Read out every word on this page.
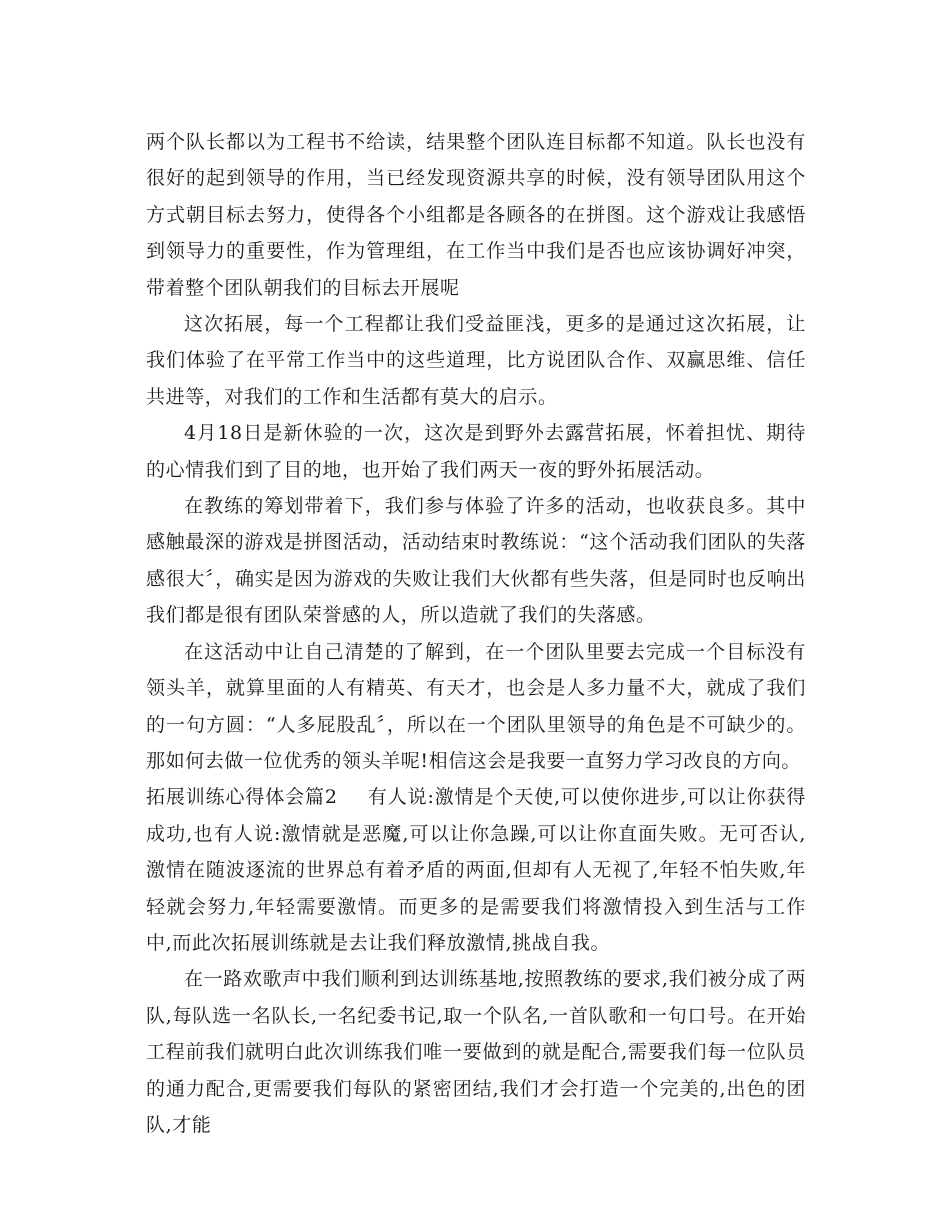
两个队长都以为工程书不给读，结果整个团队连目标都不知道。队长也没有很好的起到领导的作用，当已经发现资源共享的时候，没有领导团队用这个方式朝目标去努力，使得各个小组都是各顾各的在拼图。这个游戏让我感悟到领导力的重要性，作为管理组，在工作当中我们是否也应该协调好冲突，带着整个团队朝我们的目标去开展呢

这次拓展，每一个工程都让我们受益匪浅，更多的是通过这次拓展，让我们体验了在平常工作当中的这些道理，比方说团队合作、双赢思维、信任共进等，对我们的工作和生活都有莫大的启示。

4月18日是新休验的一次，这次是到野外去露营拓展，怀着担忧、期待的心情我们到了目的地，也开始了我们两天一夜的野外拓展活动。

在教练的筹划带着下，我们参与体验了许多的活动，也收获良多。其中感触最深的游戏是拼图活动，活动结束时教练说：“这个活动我们团队的失落感很大〞，确实是因为游戏的失败让我们大伙都有些失落，但是同时也反响出我们都是很有团队荣誉感的人，所以造就了我们的失落感。

在这活动中让自己清楚的了解到，在一个团队里要去完成一个目标没有领头羊，就算里面的人有精英、有天才，也会是人多力量不大，就成了我们的一句方圆：“人多屁股乱〞，所以在一个团队里领导的角色是不可缺少的。那如何去做一位优秀的领头羊呢!相信这会是我要一直努力学习改良的方向。

拓展训练心得体会篇2 有人说:激情是个天使,可以使你进步,可以让你获得成功,也有人说:激情就是恶魔,可以让你急躁,可以让你直面失败。无可否认,激情在随波逐流的世界总有着矛盾的两面,但却有人无视了,年轻不怕失败,年轻就会努力,年轻需要激情。而更多的是需要我们将激情投入到生活与工作中,而此次拓展训练就是去让我们释放激情,挑战自我。

在一路欢歌声中我们顺利到达训练基地,按照教练的要求,我们被分成了两队,每队选一名队长,一名纪委书记,取一个队名,一首队歌和一句口号。在开始工程前我们就明白此次训练我们唯一要做到的就是配合,需要我们每一位队员的通力配合,更需要我们每队的紧密团结,我们才会打造一个完美的,出色的团队,才能
